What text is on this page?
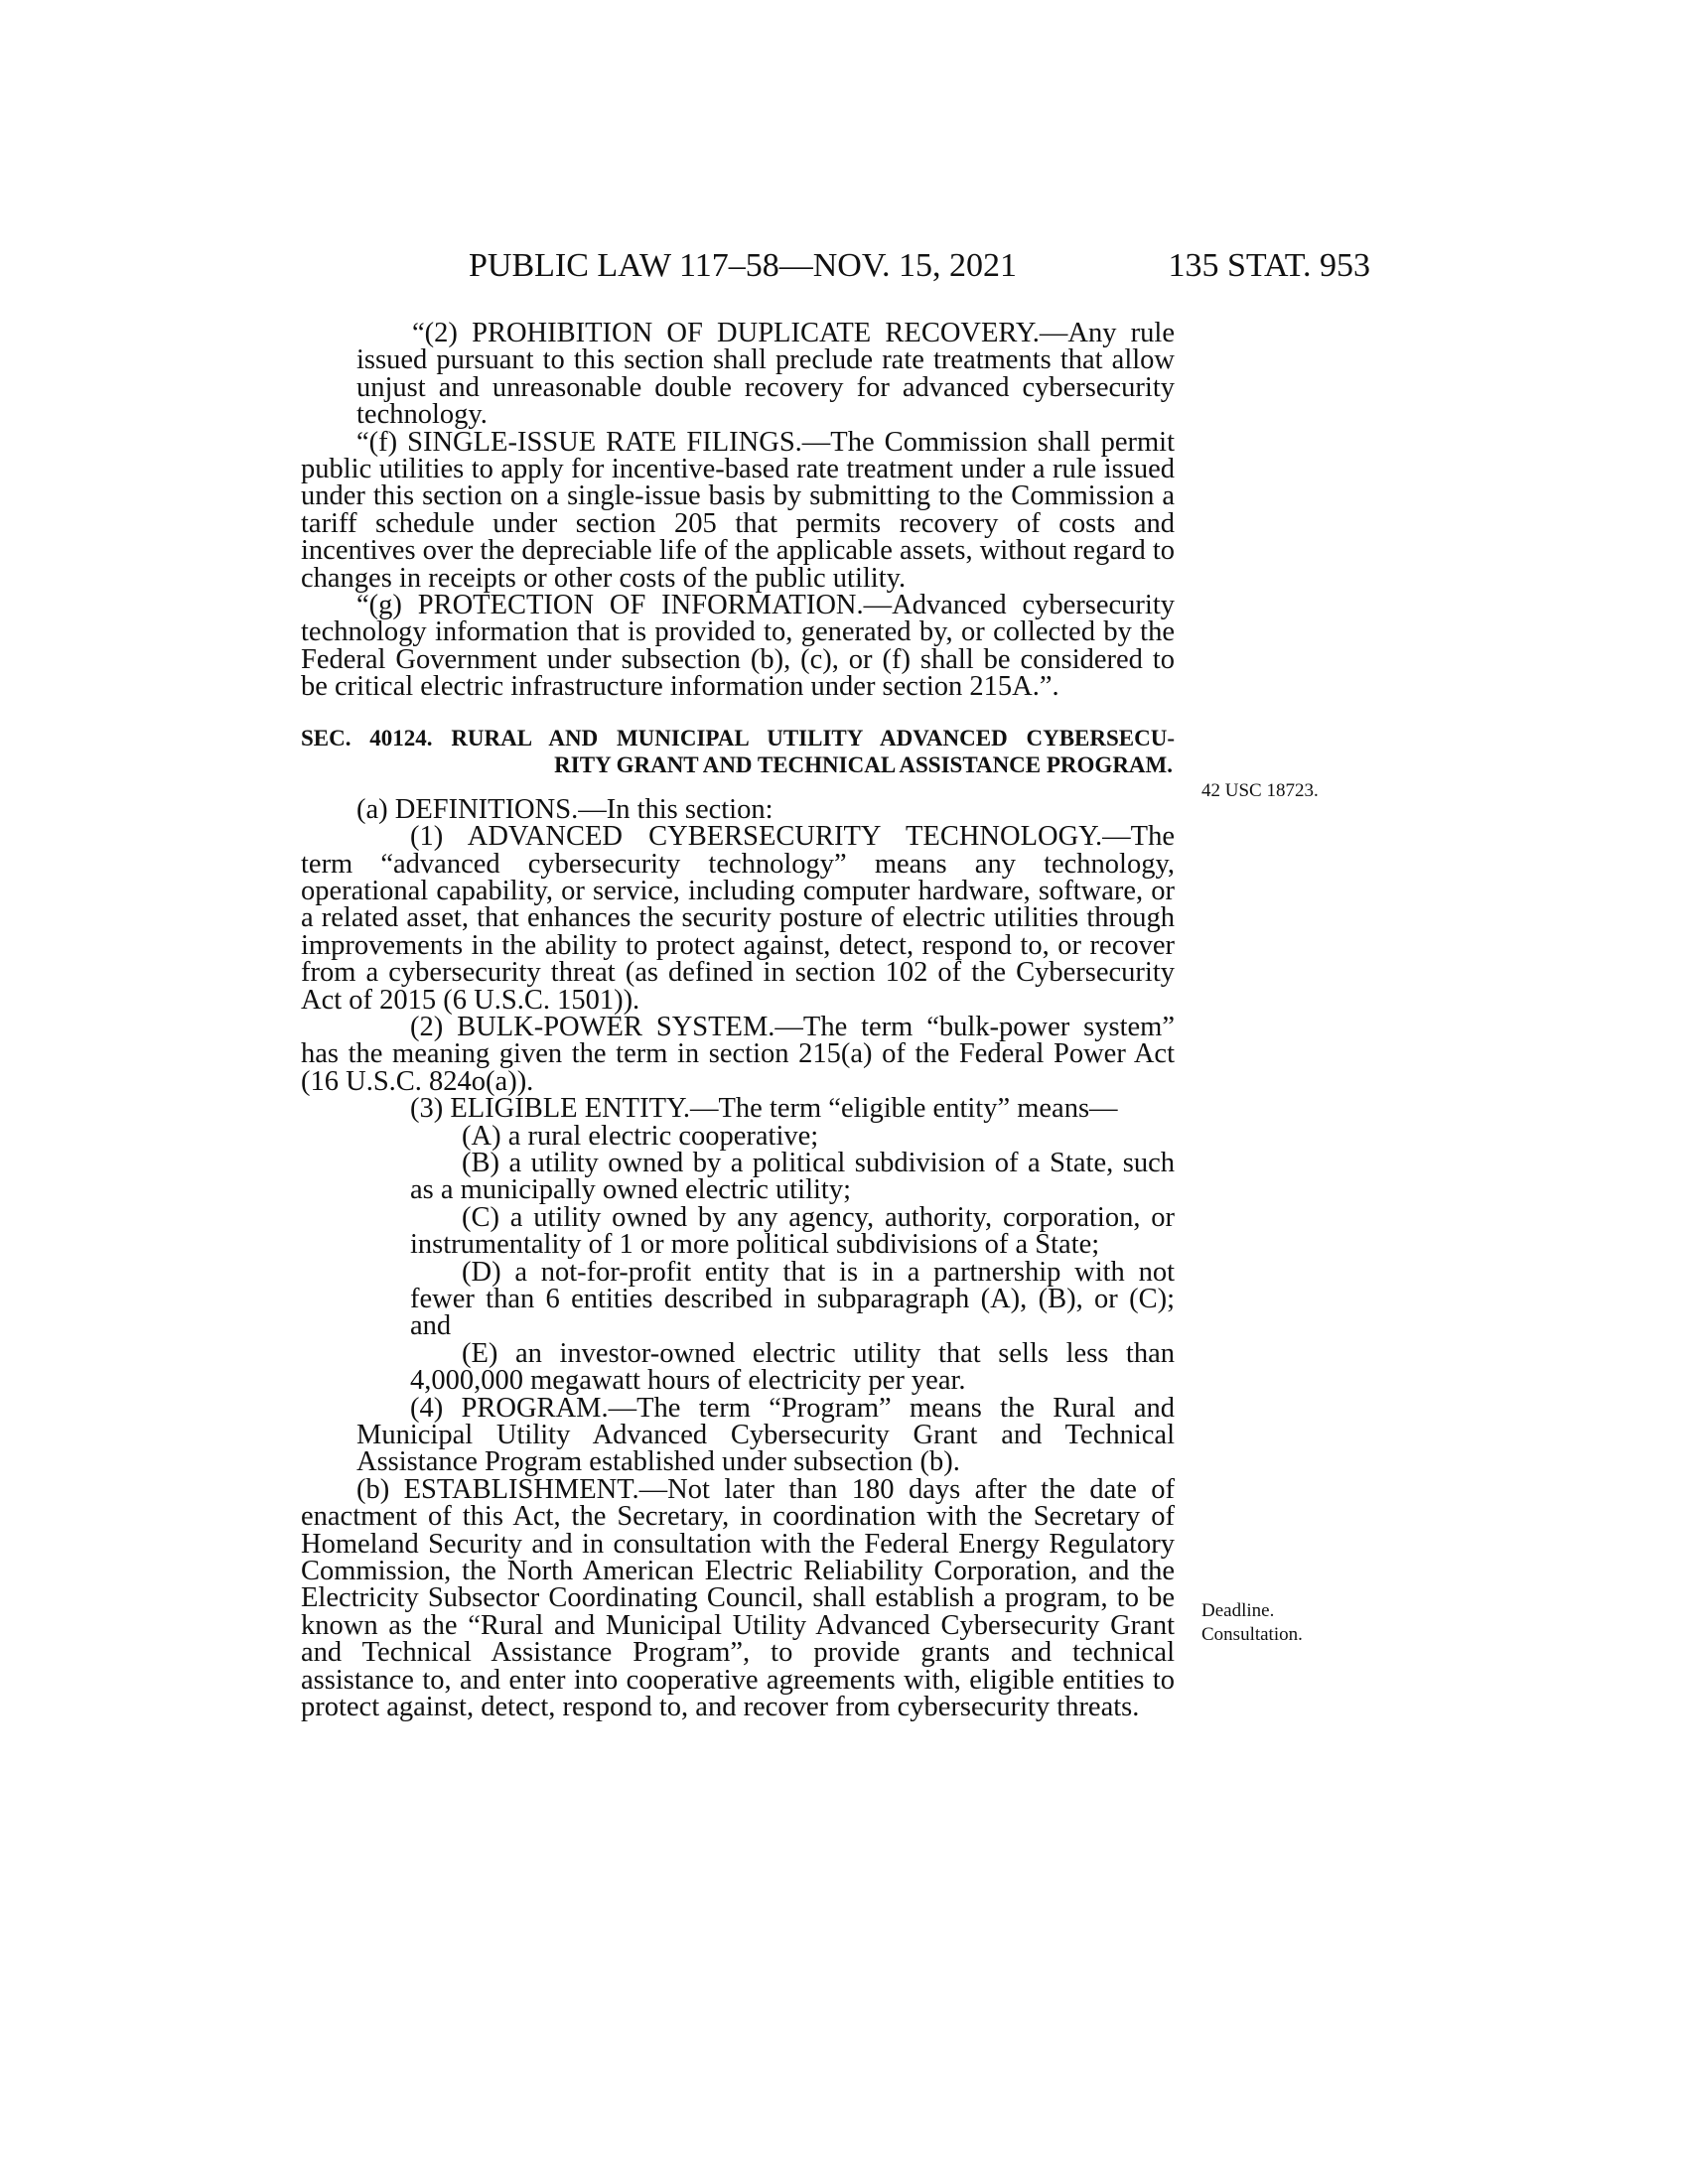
PUBLIC LAW 117–58—NOV. 15, 2021	135 STAT. 953

“(2) PROHIBITION OF DUPLICATE RECOVERY.—Any rule issued pursuant to this section shall preclude rate treatments that allow unjust and unreasonable double recovery for advanced cybersecurity technology.

“(f) SINGLE-ISSUE RATE FILINGS.—The Commission shall permit public utilities to apply for incentive-based rate treatment under a rule issued under this section on a single-issue basis by submitting to the Commission a tariff schedule under section 205 that permits recovery of costs and incentives over the depreciable life of the applicable assets, without regard to changes in receipts or other costs of the public utility.

“(g) PROTECTION OF INFORMATION.—Advanced cybersecurity technology information that is provided to, generated by, or collected by the Federal Government under subsection (b), (c), or (f) shall be considered to be critical electric infrastructure information under section 215A.”.

SEC. 40124. RURAL AND MUNICIPAL UTILITY ADVANCED CYBERSECU-
RITY GRANT AND TECHNICAL ASSISTANCE PROGRAM.

(a) DEFINITIONS.—In this section:

(1) ADVANCED CYBERSECURITY TECHNOLOGY.—The term “advanced cybersecurity technology” means any technology, operational capability, or service, including computer hardware, software, or a related asset, that enhances the security posture of electric utilities through improvements in the ability to protect against, detect, respond to, or recover from a cybersecurity threat (as defined in section 102 of the Cybersecurity Act of 2015 (6 U.S.C. 1501)).

(2) BULK-POWER SYSTEM.—The term “bulk-power system” has the meaning given the term in section 215(a) of the Federal Power Act (16 U.S.C. 824o(a)).

(3) ELIGIBLE ENTITY.—The term “eligible entity” means—

(A) a rural electric cooperative;

(B) a utility owned by a political subdivision of a State, such as a municipally owned electric utility;

(C) a utility owned by any agency, authority, corporation, or instrumentality of 1 or more political subdivisions of a State;

(D) a not-for-profit entity that is in a partnership with not fewer than 6 entities described in subparagraph (A), (B), or (C); and

(E) an investor-owned electric utility that sells less than 4,000,000 megawatt hours of electricity per year.

(4) PROGRAM.—The term “Program” means the Rural and Municipal Utility Advanced Cybersecurity Grant and Technical Assistance Program established under subsection (b).

(b) ESTABLISHMENT.—Not later than 180 days after the date of enactment of this Act, the Secretary, in coordination with the Secretary of Homeland Security and in consultation with the Federal Energy Regulatory Commission, the North American Electric Reliability Corporation, and the Electricity Subsector Coordinating Council, shall establish a program, to be known as the “Rural and Municipal Utility Advanced Cybersecurity Grant and Technical Assistance Program”, to provide grants and technical assistance to, and enter into cooperative agreements with, eligible entities to protect against, detect, respond to, and recover from cybersecurity threats.

42 USC 18723.
Deadline.
Consultation.
